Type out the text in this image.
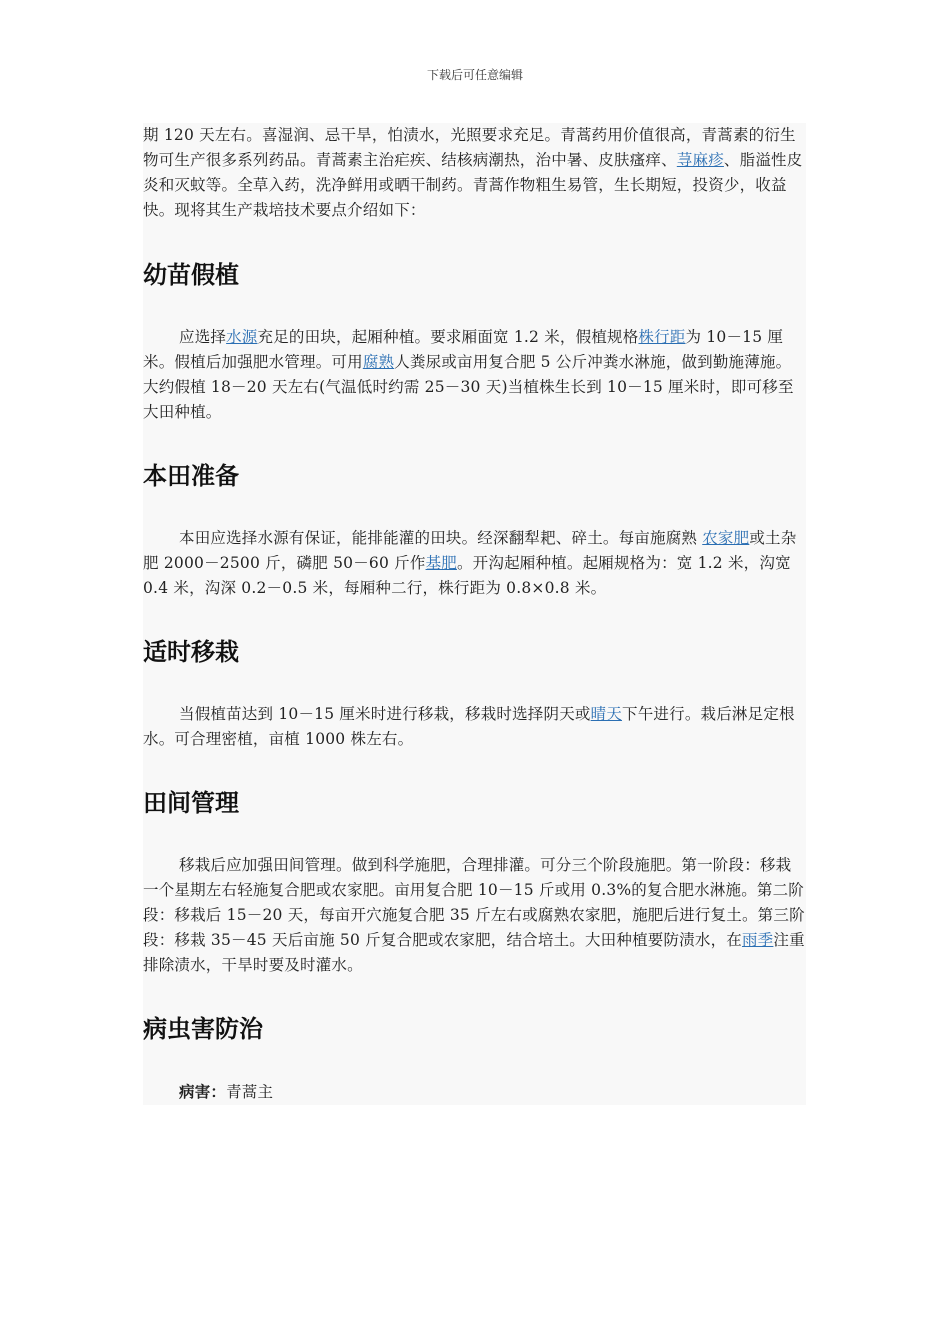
下载后可任意编辑

期 120 天左右。喜湿润、忌干旱，怕渍水，光照要求充足。青蒿药用价值很高，青蒿素的衍生物可生产很多系列药品。青蒿素主治疟疾、结核病潮热，治中暑、皮肤瘙痒、荨麻疹、脂溢性皮炎和灭蚊等。全草入药，洗净鲜用或晒干制药。青蒿作物粗生易管，生长期短，投资少，收益快。现将其生产栽培技术要点介绍如下：

幼苗假植

应选择水源充足的田块，起厢种植。要求厢面宽 1.2 米，假植规格株行距为 10－15 厘米。假植后加强肥水管理。可用腐熟人粪尿或亩用复合肥 5 公斤冲粪水淋施，做到勤施薄施。大约假植 18－20 天左右(气温低时约需 25－30 天)当植株生长到 10－15 厘米时，即可移至大田种植。

本田准备

本田应选择水源有保证，能排能灌的田块。经深翻犁耙、碎土。每亩施腐熟 农家肥或土杂肥 2000－2500 斤，磷肥 50－60 斤作基肥。开沟起厢种植。起厢规格为：宽 1.2 米，沟宽 0.4 米，沟深 0.2－0.5 米，每厢种二行，株行距为 0.8×0.8 米。

适时移栽

当假植苗达到 10－15 厘米时进行移栽，移栽时选择阴天或晴天下午进行。栽后淋足定根水。可合理密植，亩植 1000 株左右。

田间管理

移栽后应加强田间管理。做到科学施肥，合理排灌。可分三个阶段施肥。第一阶段：移栽一个星期左右轻施复合肥或农家肥。亩用复合肥 10－15 斤或用 0.3%的复合肥水淋施。第二阶段：移栽后 15－20 天，每亩开穴施复合肥 35 斤左右或腐熟农家肥，施肥后进行复土。第三阶段：移栽 35－45 天后亩施 50 斤复合肥或农家肥，结合培土。大田种植要防渍水，在雨季注重排除渍水，干旱时要及时灌水。

病虫害防治

病害：青蒿主
